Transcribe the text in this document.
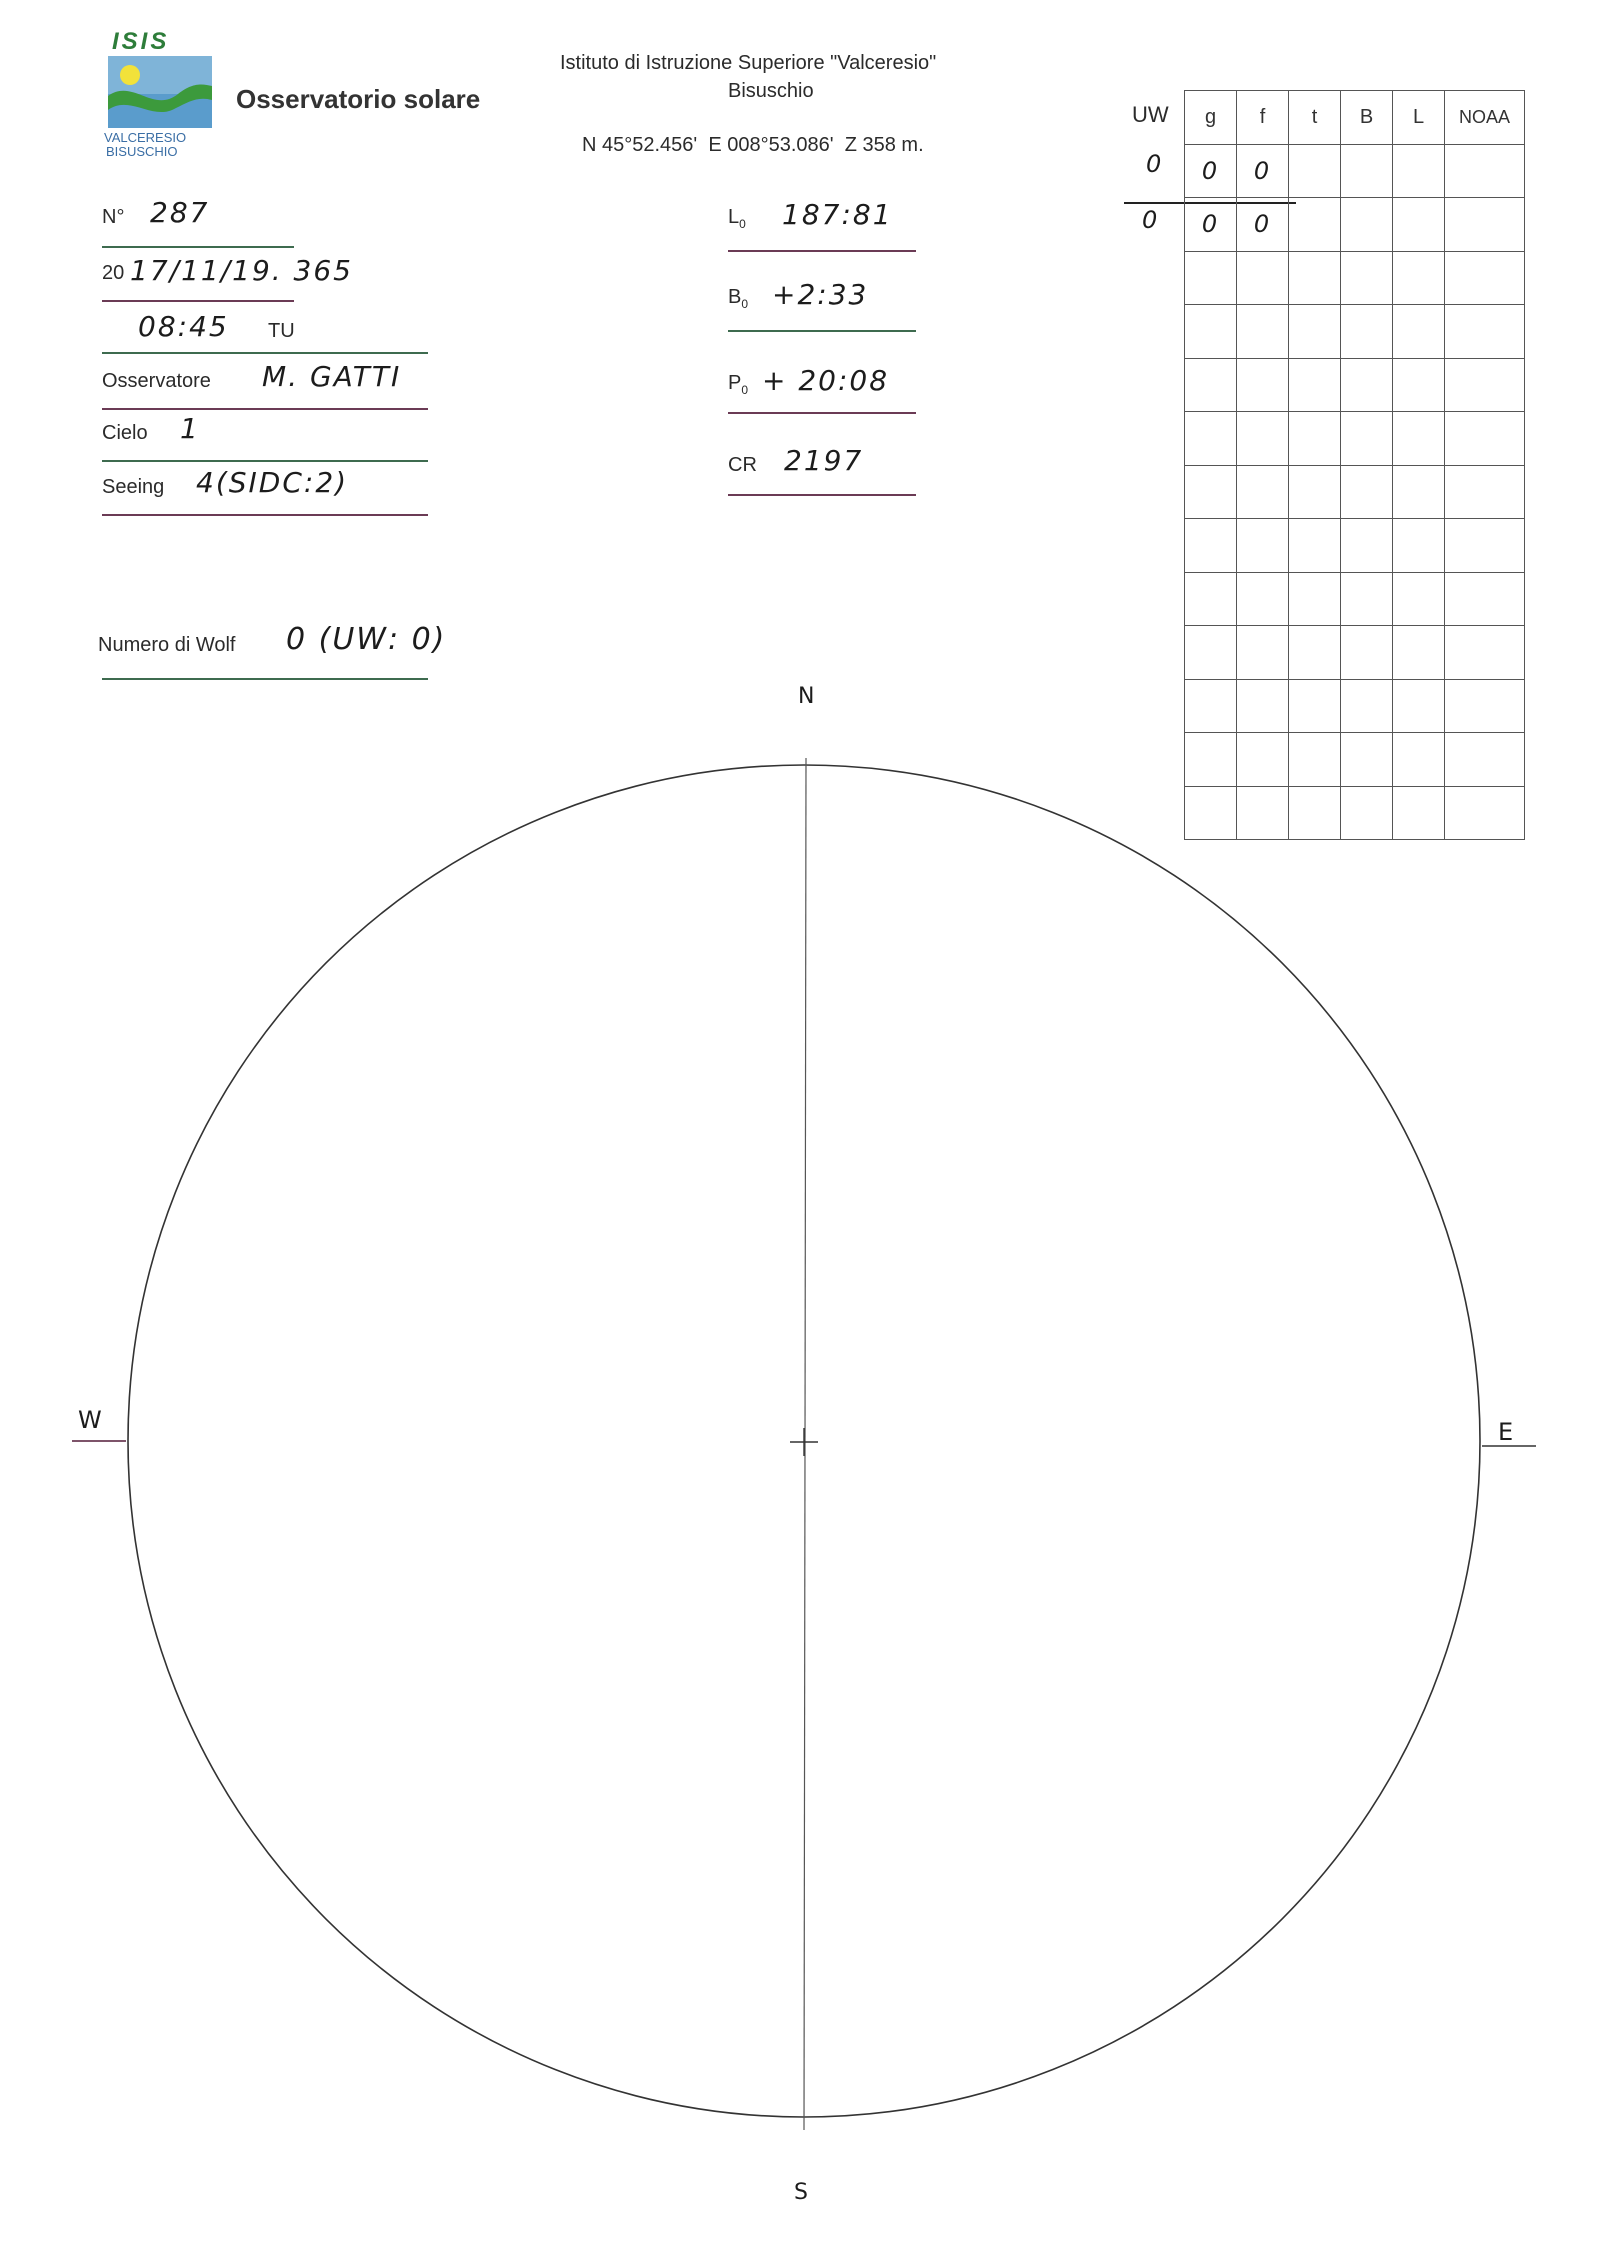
ISIS
VALCERESIO
BISUSCHIO
Osservatorio solare
Istituto di Istruzione Superiore "Valceresio"
Bisuschio
N 45°52.456'  E 008°53.086'  Z 358 m.
N° 287
20 17/11/19. 365
08:45 TU
Osservatore M. GATTI
Cielo 1
Seeing 4(SIDC:2)
Numero di Wolf 0 (UW: 0)
$L_0$ 187:81
$B_0$ +2:33
$P_0$ + 20:08
CR 2197
UW
0
0
g	f	t	B	L	NOAA
0	0				
0	0				

N
S
W	E
